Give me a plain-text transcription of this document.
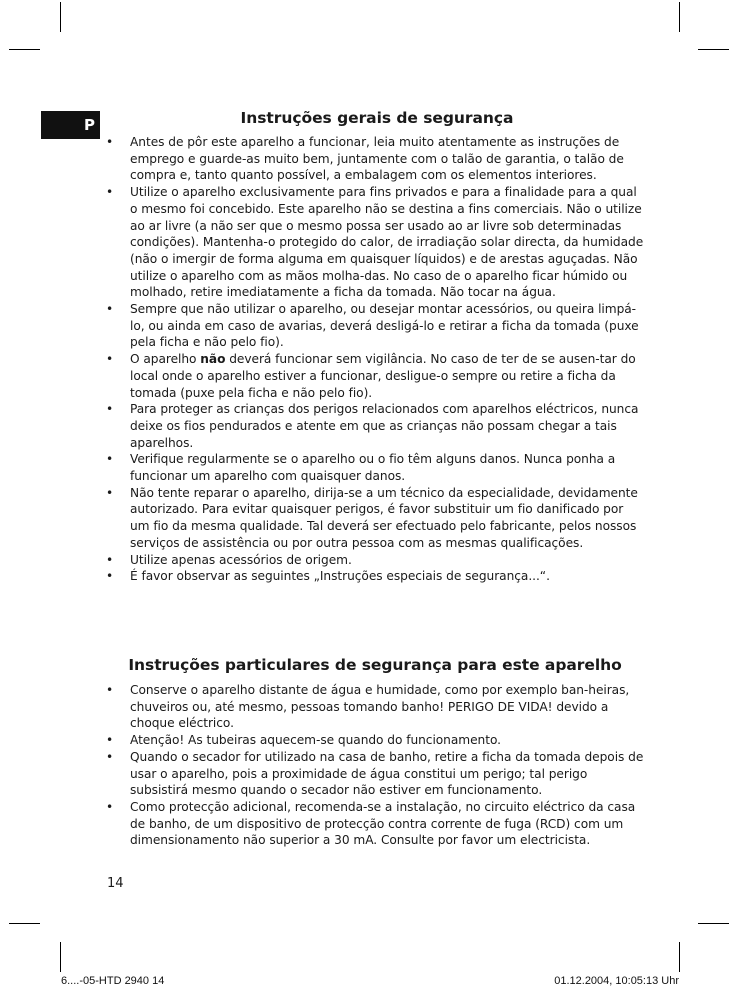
P	Instruções gerais de segurança
• Antes de pôr este aparelho a funcionar, leia muito atentamente as instruções de emprego e guarde-as muito bem, juntamente com o talão de garantia, o talão de compra e, tanto quanto possível, a embalagem com os elementos interiores.
• Utilize o aparelho exclusivamente para fins privados e para a finalidade para a qual o mesmo foi concebido. Este aparelho não se destina a fins comerciais. Não o utilize ao ar livre (a não ser que o mesmo possa ser usado ao ar livre sob determinadas condições). Mantenha-o protegido do calor, de irradiação solar directa, da humidade (não o imergir de forma alguma em quaisquer líquidos) e de arestas aguçadas. Não utilize o aparelho com as mãos molha-das. No caso de o aparelho ficar húmido ou molhado, retire imediatamente a ficha da tomada. Não tocar na água.
• Sempre que não utilizar o aparelho, ou desejar montar acessórios, ou queira limpá-lo, ou ainda em caso de avarias, deverá desligá-lo e retirar a ficha da tomada (puxe pela ficha e não pelo fio).
• O aparelho não deverá funcionar sem vigilância. No caso de ter de se ausen-tar do local onde o aparelho estiver a funcionar, desligue-o sempre ou retire a ficha da tomada (puxe pela ficha e não pelo fio).
• Para proteger as crianças dos perigos relacionados com aparelhos eléctricos, nunca deixe os fios pendurados e atente em que as crianças não possam chegar a tais aparelhos.
• Verifique regularmente se o aparelho ou o fio têm alguns danos. Nunca ponha a funcionar um aparelho com quaisquer danos.
• Não tente reparar o aparelho, dirija-se a um técnico da especialidade, devidamente autorizado. Para evitar quaisquer perigos, é favor substituir um fio danificado por um fio da mesma qualidade. Tal deverá ser efectuado pelo fabricante, pelos nossos serviços de assistência ou por outra pessoa com as mesmas qualificações.
• Utilize apenas acessórios de origem.
• É favor observar as seguintes „Instruções especiais de segurança...“.
Instruções particulares de segurança para este aparelho
• Conserve o aparelho distante de água e humidade, como por exemplo ban-heiras, chuveiros ou, até mesmo, pessoas tomando banho! PERIGO DE VIDA! devido a choque eléctrico.
• Atenção! As tubeiras aquecem-se quando do funcionamento.
• Quando o secador for utilizado na casa de banho, retire a ficha da tomada depois de usar o aparelho, pois a proximidade de água constitui um perigo; tal perigo subsistirá mesmo quando o secador não estiver em funcionamento.
• Como protecção adicional, recomenda-se a instalação, no circuito eléctrico da casa de banho, de um dispositivo de protecção contra corrente de fuga (RCD) com um dimensionamento não superior a 30 mA. Consulte por favor um electricista.
14
6....-05-HTD 2940 14	01.12.2004, 10:05:13 Uhr
